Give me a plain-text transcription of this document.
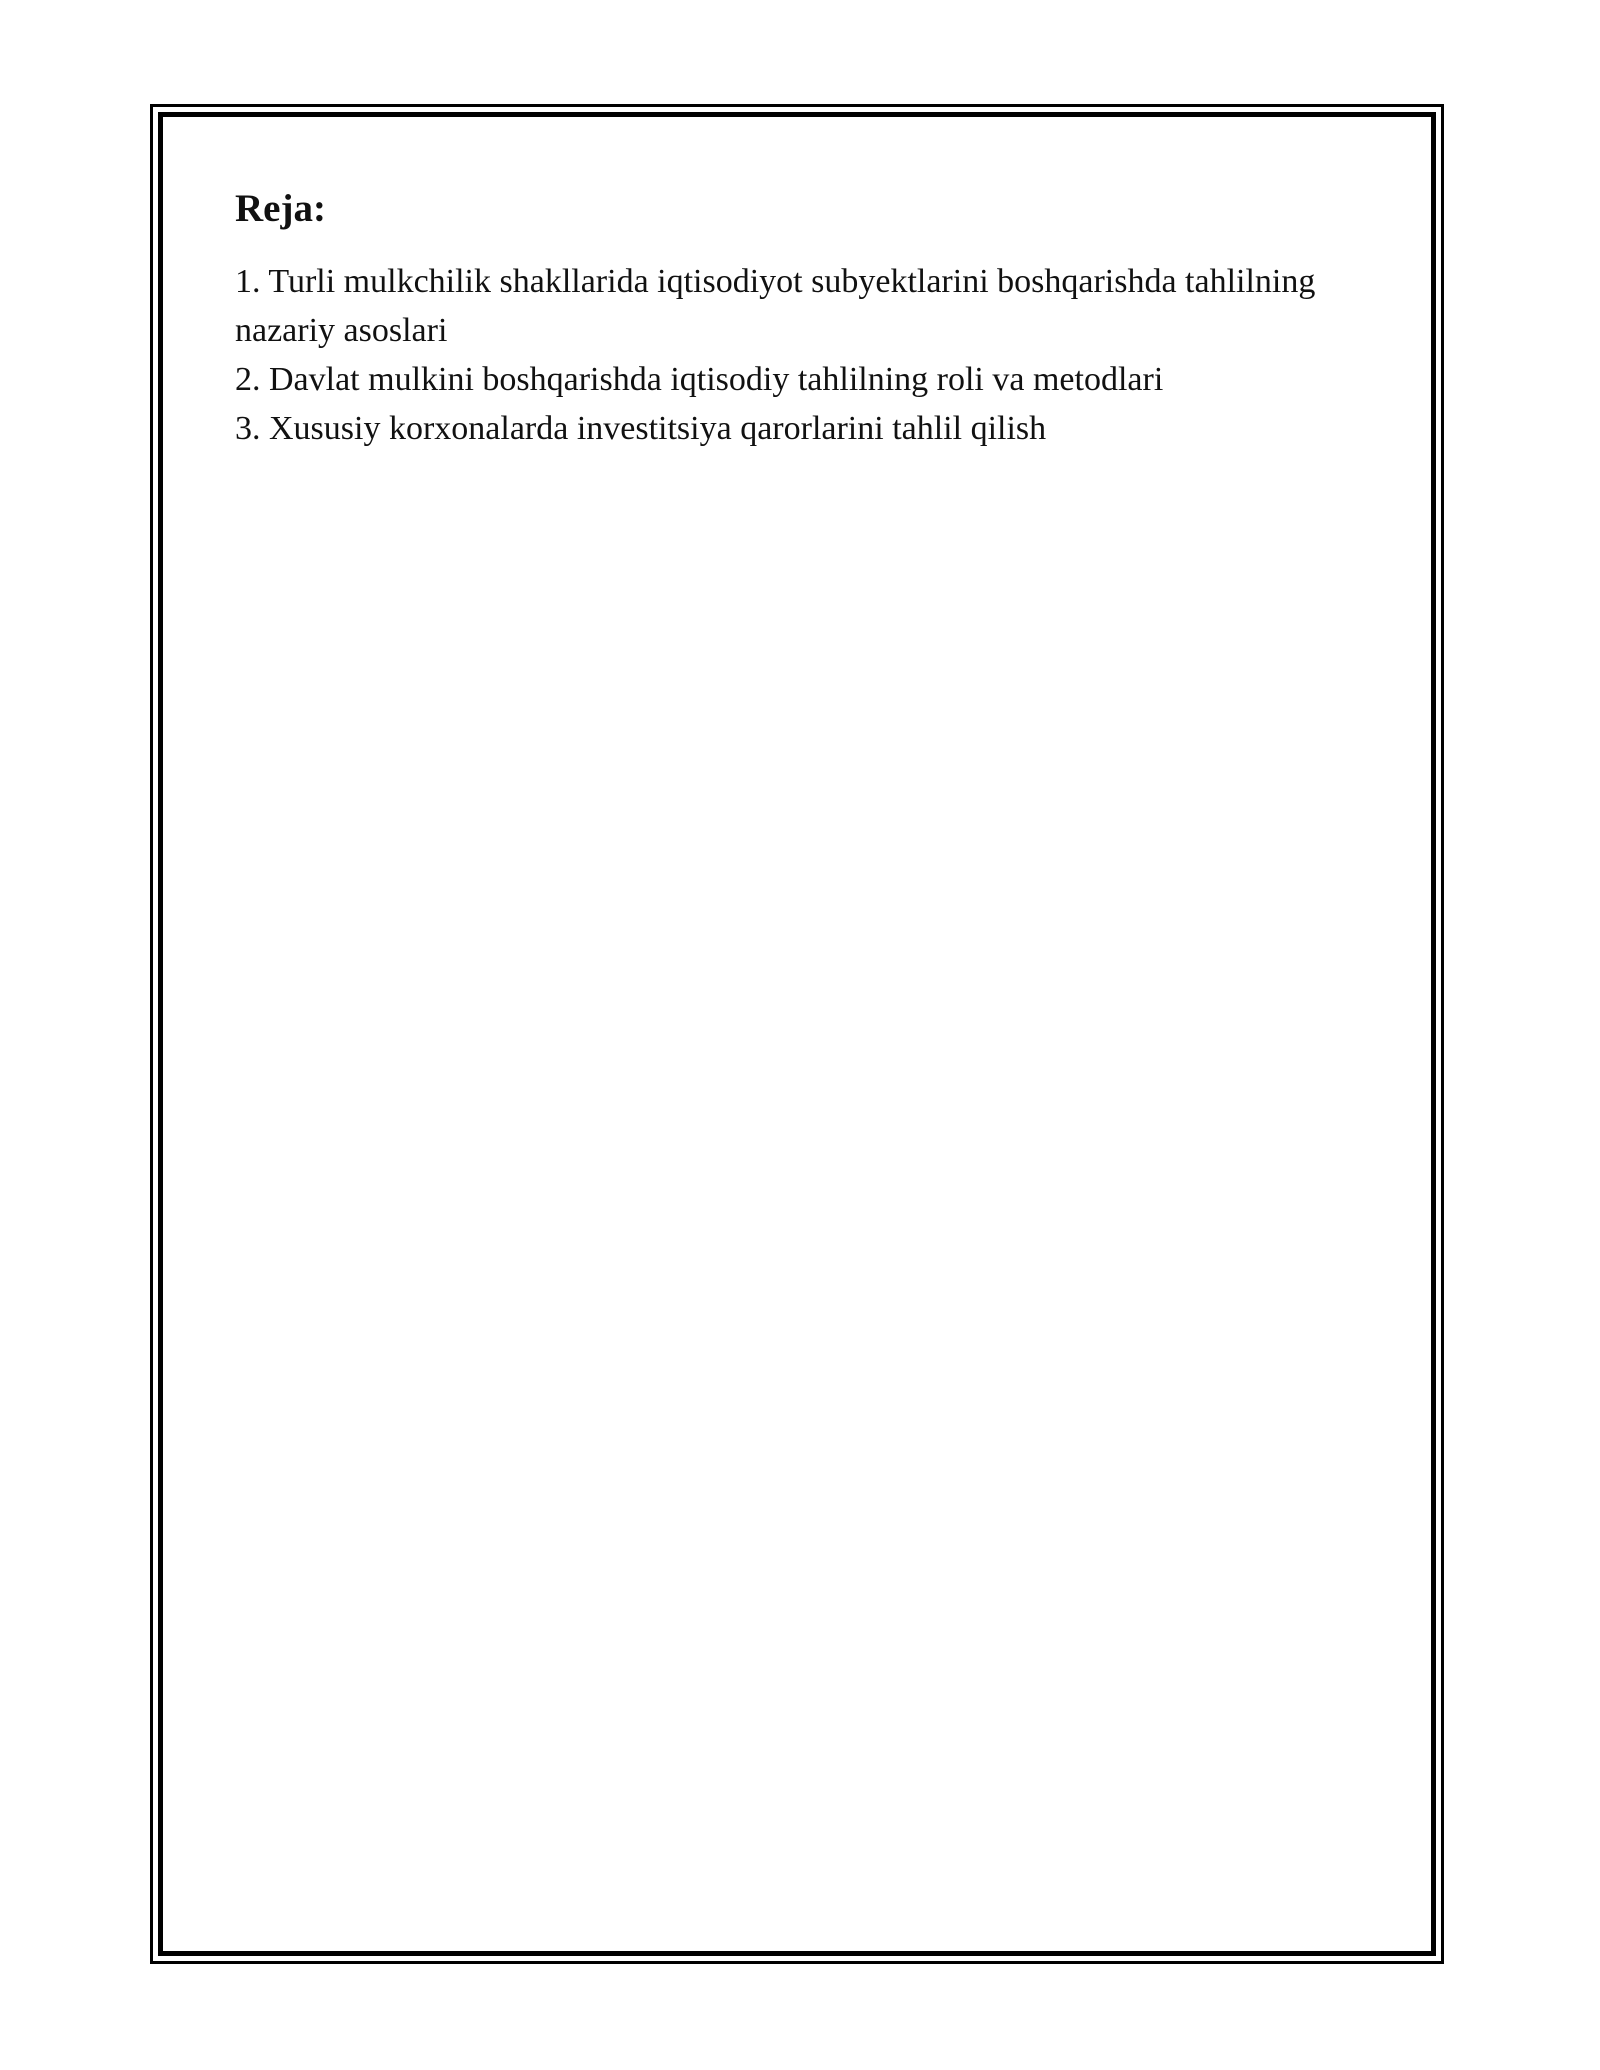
Reja:
1. Turli mulkchilik shakllarida iqtisodiyot subyektlarini boshqarishda tahlilning nazariy asoslari
2. Davlat mulkini boshqarishda iqtisodiy tahlilning roli va metodlari
3. Xususiy korxonalarda investitsiya qarorlarini tahlil qilish
